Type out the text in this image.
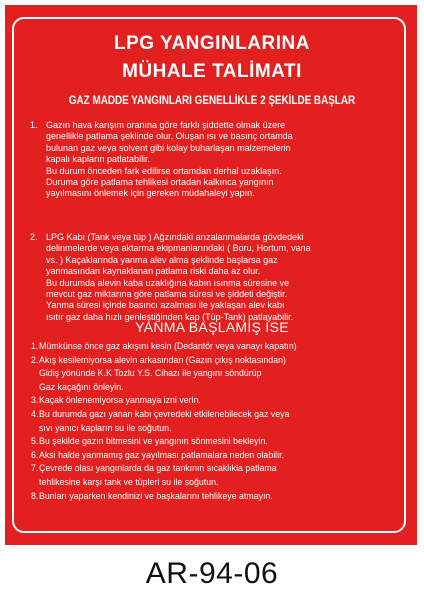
LPG YANGINLARINA
MÜHALE TALİMATI
GAZ MADDE YANGINLARI GENELLİKLE 2 ŞEKİLDE BAŞLAR
1. Gazın hava karışım oranına göre farklı şiddette olmak üzere
genellikle patlama şeklinde olur. Oluşan ısı ve basınç ortamda
bulunan gaz veya solvent gibi kolay buharlaşan malzemelerin
kapalı kapların patlatabilir.
Bu durum önceden fark edilirse ortamdan derhal uzaklaşın.
Duruma göre patlama tehlikesi ortadan kalkınca yangının
yayılmasını önlemek için gereken müdahaleyi yapın.
2. LPG Kabı (Tank veya tüp ) Ağzındaki arızalanmalarda gövdedeki
delinmelerde veya aktarma ekipmanlarındaki ( Boru, Hortum, vana
vs. ) Kaçaklarında yanma alev alma şeklinde başlarsa gaz
yanmasından kaynaklanan patlama riski daha az olur.
Bu durumda alevin kaba uzaklığına kabın ısınma süresine ve
mevcut gaz miktarına göre patlama süresi ve şiddeti değiştir.
Yanma süresi içinde basıncı azalması ile yaklaşan alev kabı
ısıtır gaz daha hızlı genleştiğinden kap (Tüp-Tank) patlayabilir.
YANMA BAŞLAMIŞ İSE
1. Mümkünse önce gaz akışını kesin (Dedantör veya vanayı kapatın)
2. Akış kesilemiyorsa alevin arkasından (Gazın çıkış noktasından)
Gidiş yönünde K.K Tozlu Y.S. Cihazı ile yangını söndürüp
Gaz kaçağını önleyin.
3. Kaçak önlenemiyorsa yanmaya izni verin.
4. Bu durumda gazı yanan kabı çevredeki etkilenebilecek gaz veya
sıvı yanıcı kapların su ile soğutun.
5. Bu şekilde gazın bitmesini ve yangının sönmesini bekleyin.
6. Aksi halde yanmamış gaz yayılması patlamalara neden olabilir.
7. Çevrede olası yangınlarda da gaz tankının sıcaklıkla patlama
tehlikesine karşı tank ve tüpleri su ile soğutun.
8. Bunları yaparken kendinizi ve başkalarını tehlikeye atmayın.
AR-94-06
